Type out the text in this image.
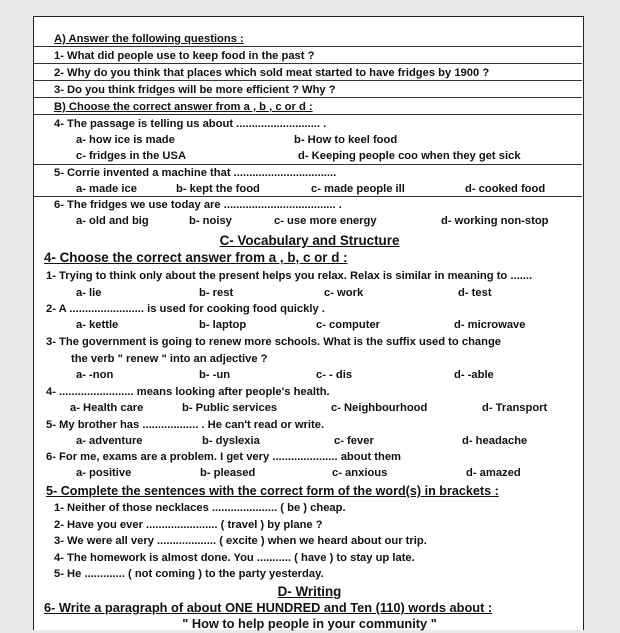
A) Answer the following questions :
1- What did people use to keep food in the past ?
2- Why do you think that places which sold meat started to have fridges by 1900 ?
3- Do you think fridges will be more efficient ? Why ?
B) Choose the correct answer from a , b , c or d :
4- The passage is telling us about ........................... .
a- how ice is made	b- How to keel food
c- fridges in the USA	d- Keeping people coo when they get sick
5- Corrie invented a machine that .................................
a- made ice	b- kept the food	c- made people ill	d- cooked food
6- The fridges we use today are .................................... .
a- old and big	b- noisy	c- use more energy	d- working non-stop
C- Vocabulary and Structure
4- Choose the correct answer from a , b, c or d :
1- Trying to think only about the present helps you relax. Relax is similar in meaning to .......
a- lie	b- rest	c- work	d- test
2- A ........................ is used for cooking food quickly .
a- kettle	b- laptop	c- computer	d- microwave
3- The government is going to renew more schools. What is the suffix used to change
the verb " renew " into an adjective ?
a- -non	b- -un	c- - dis	d- -able
4- ........................ means looking after people's health.
a- Health care	b- Public services	c- Neighbourhood	d- Transport
5- My brother has .................. . He can't read or write.
a- adventure	b- dyslexia	c- fever	d- headache
6- For me, exams are a problem. I get very ..................... about them
a- positive	b- pleased	c- anxious	d- amazed
5- Complete the sentences with the correct form of the word(s) in brackets :
1- Neither of those necklaces ..................... ( be ) cheap.
2- Have you ever ....................... ( travel ) by plane ?
3- We were all very ................... ( excite ) when we heard about our trip.
4- The homework is almost done. You ........... ( have ) to stay up late.
5- He ............. ( not coming ) to the party yesterday.
D- Writing
6- Write a paragraph of about ONE HUNDRED and Ten (110) words about :
" How to help people in your community "
